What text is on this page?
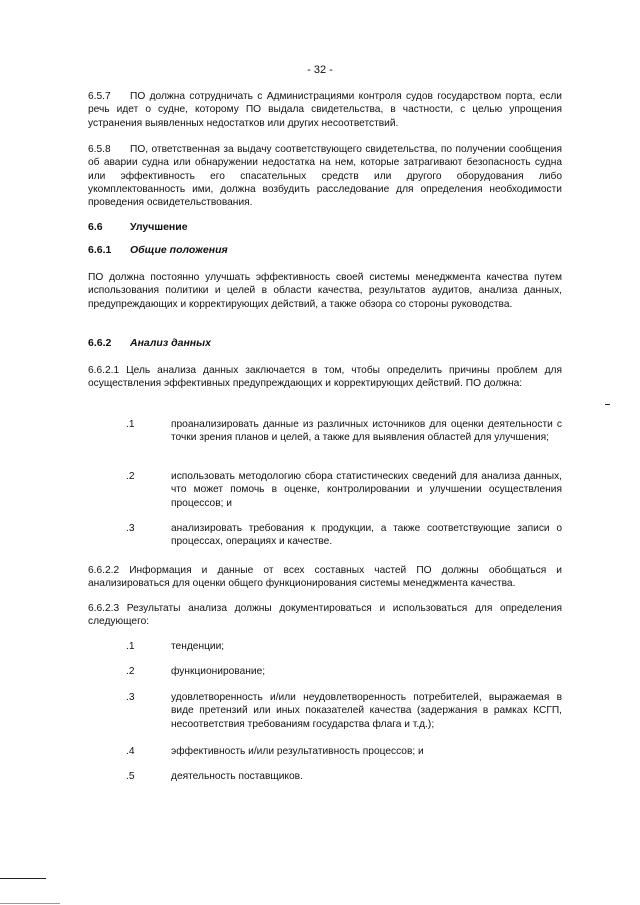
- 32 -
6.5.7 ПО должна сотрудничать с Администрациями контроля судов государством порта, если речь идет о судне, которому ПО выдала свидетельства, в частности, с целью упрощения устранения выявленных недостатков или других несоответствий.
6.5.8 ПО, ответственная за выдачу соответствующего свидетельства, по получении сообщения об аварии судна или обнаружении недостатка на нем, которые затрагивают безопасность судна или эффективность его спасательных средств или другого оборудования либо укомплектованность ими, должна возбудить расследование для определения необходимости проведения освидетельствования.
6.6	Улучшение
6.6.1 Общие положения
ПО должна постоянно улучшать эффективность своей системы менеджмента качества путем использования политики и целей в области качества, результатов аудитов, анализа данных, предупреждающих и корректирующих действий, а также обзора со стороны руководства.
6.6.2 Анализ данных
6.6.2.1 Цель анализа данных заключается в том, чтобы определить причины проблем для осуществления эффективных предупреждающих и корректирующих действий. ПО должна:
.1	проанализировать данные из различных источников для оценки деятельности с точки зрения планов и целей, а также для выявления областей для улучшения;
.2	использовать методологию сбора статистических сведений для анализа данных, что может помочь в оценке, контролировании и улучшении осуществления процессов; и
.3	анализировать требования к продукции, а также соответствующие записи о процессах, операциях и качестве.
6.6.2.2 Информация и данные от всех составных частей ПО должны обобщаться и анализироваться для оценки общего функционирования системы менеджмента качества.
6.6.2.3 Результаты анализа должны документироваться и использоваться для определения следующего:
.1	тенденции;
.2	функционирование;
.3	удовлетворенность и/или неудовлетворенность потребителей, выражаемая в виде претензий или иных показателей качества (задержания в рамках КСГП, несоответствия требованиям государства флага и т.д.);
.4	эффективность и/или результативность процессов; и
.5	деятельность поставщиков.
